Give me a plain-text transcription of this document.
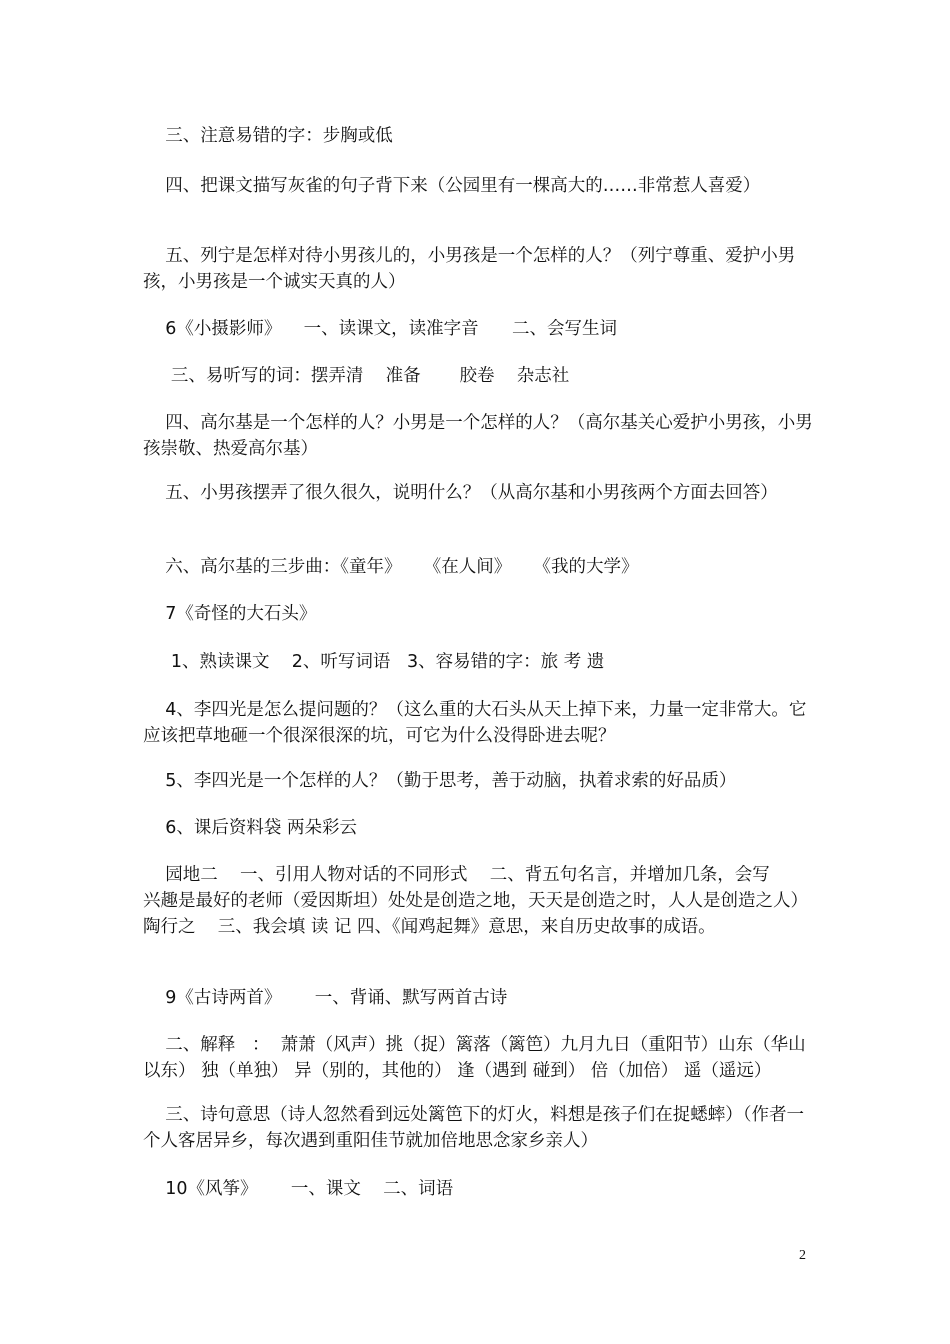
三、注意易错的字：步胸或低

四、把课文描写灰雀的句子背下来（公园里有一棵高大的……非常惹人喜爱）

五、列宁是怎样对待小男孩儿的，小男孩是一个怎样的人？（列宁尊重、爱护小男孩，小男孩是一个诚实天真的人）

6《小摄影师》    一、读课文，读准字音      二、会写生词

三、易听写的词：摆弄清    准备       胶卷    杂志社

四、高尔基是一个怎样的人？小男是一个怎样的人？（高尔基关心爱护小男孩，小男孩崇敬、热爱高尔基）

五、小男孩摆弄了很久很久，说明什么？（从高尔基和小男孩两个方面去回答）

六、高尔基的三步曲：《童年》    《在人间》    《我的大学》

7《奇怪的大石头》

1、熟读课文    2、听写词语   3、容易错的字：旅 考 遗

4、李四光是怎么提问题的？（这么重的大石头从天上掉下来，力量一定非常大。它应该把草地砸一个很深很深的坑，可它为什么没得卧进去呢？

5、李四光是一个怎样的人？（勤于思考，善于动脑，执着求索的好品质）

6、课后资料袋 两朵彩云

园地二    一、引用人物对话的不同形式    二、背五句名言，并增加几条，会写      兴趣是最好的老师（爱因斯坦）处处是创造之地，天天是创造之时，人人是创造之人）陶行之    三、我会填 读 记 四、《闻鸡起舞》意思，来自历史故事的成语。

9《古诗两首》      一、背诵、默写两首古诗

二、解释   ：  萧萧（风声）挑（捉）篱落（篱笆）九月九日（重阳节）山东（华山以东） 独（单独） 异（别的，其他的） 逢（遇到 碰到） 倍（加倍） 遥（遥远）

三、诗句意思（诗人忽然看到远处篱笆下的灯火，料想是孩子们在捉蟋蟀）（作者一个人客居异乡，每次遇到重阳佳节就加倍地思念家乡亲人）

10《风筝》      一、课文    二、词语

2
